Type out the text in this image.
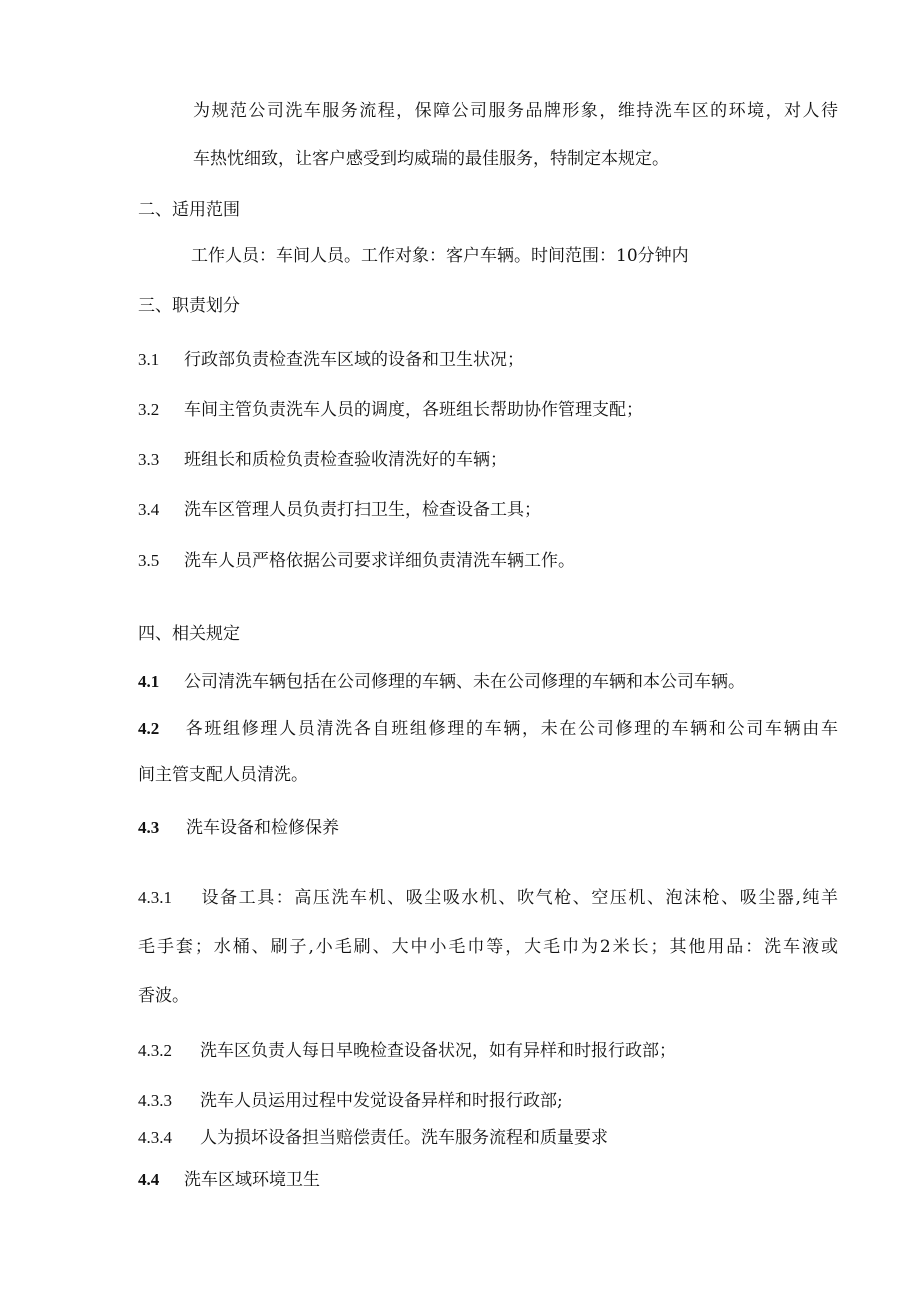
为规范公司洗车服务流程，保障公司服务品牌形象，维持洗车区的环境，对人待

车热忱细致，让客户感受到均威瑞的最佳服务，特制定本规定。

二、适用范围

工作人员：车间人员。工作对象：客户车辆。时间范围：10分钟内

三、职责划分

3.1 行政部负责检查洗车区域的设备和卫生状况；

3.2 车间主管负责洗车人员的调度，各班组长帮助协作管理支配；

3.3 班组长和质检负责检查验收清洗好的车辆；

3.4 洗车区管理人员负责打扫卫生，检查设备工具；

3.5 洗车人员严格依据公司要求详细负责清洗车辆工作。

四、相关规定

4.1 公司清洗车辆包括在公司修理的车辆、未在公司修理的车辆和本公司车辆。

4.2 各班组修理人员清洗各自班组修理的车辆，未在公司修理的车辆和公司车辆由车

间主管支配人员清洗。

4.3 洗车设备和检修保养

4.3.1 设备工具：高压洗车机、吸尘吸水机、吹气枪、空压机、泡沫枪、吸尘器,纯羊

毛手套；水桶、刷子,小毛刷、大中小毛巾等，大毛巾为2米长；其他用品：洗车液或

香波。

4.3.2 洗车区负责人每日早晚检查设备状况，如有异样和时报行政部；

4.3.3 洗车人员运用过程中发觉设备异样和时报行政部;

4.3.4 人为损坏设备担当赔偿责任。洗车服务流程和质量要求

4.4 洗车区域环境卫生
